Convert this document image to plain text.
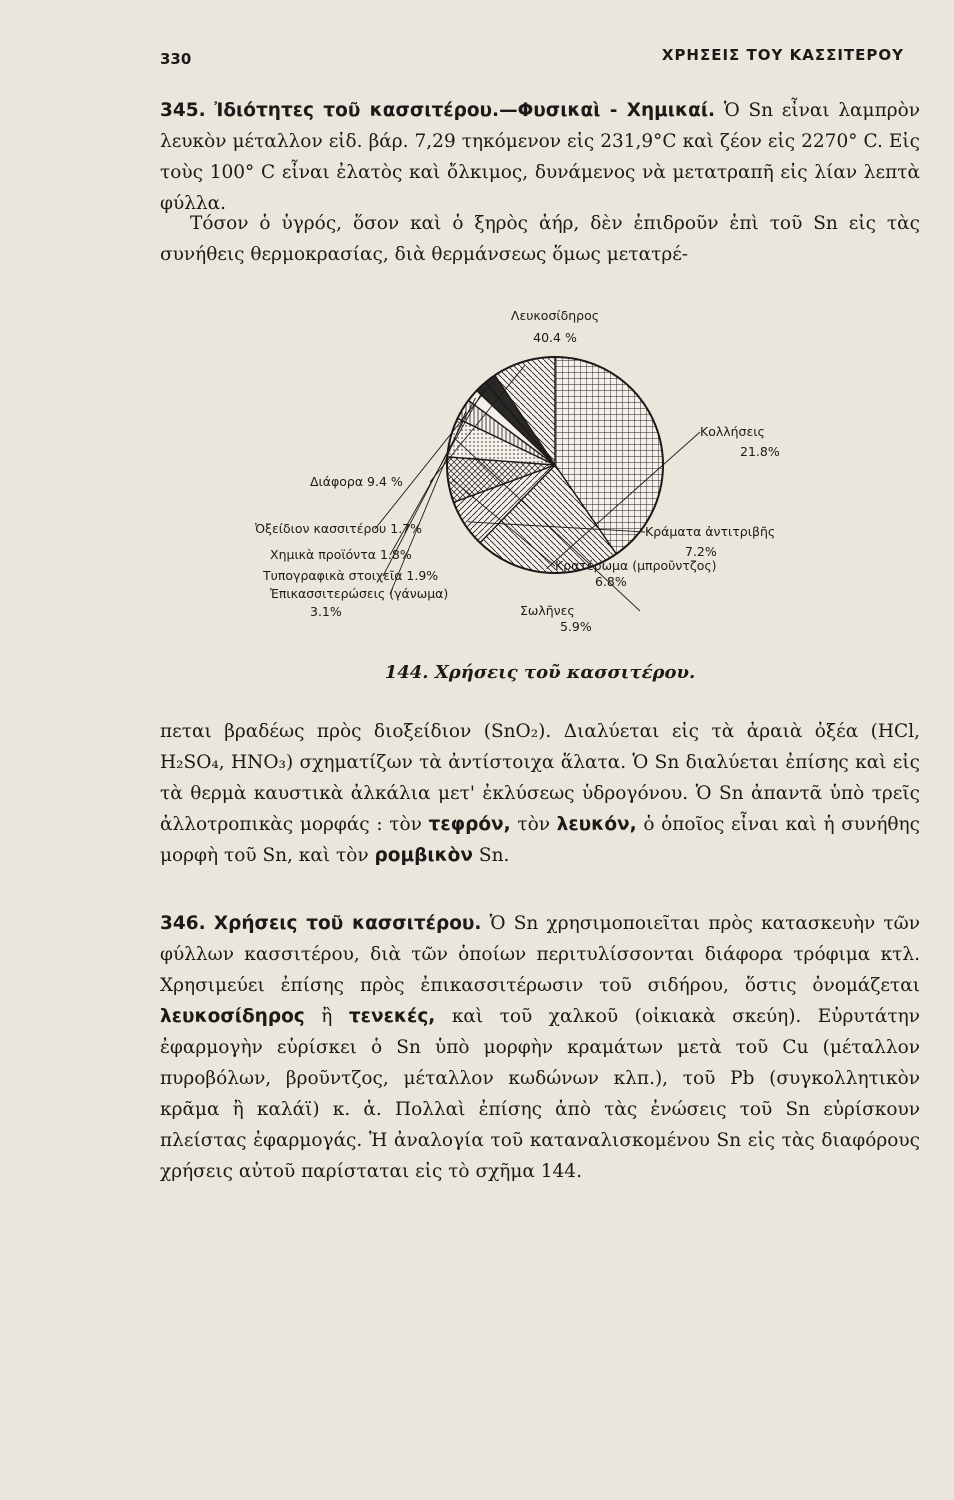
330	ΧΡΗΣΕΙΣ ΤΟΥ ΚΑΣΣΙΤΕΡΟΥ
345. Ἰδιότητες τοῦ κασσιτέρου.—Φυσικαὶ - Χημικαί. Ὁ Sn εἶναι λαμπρὸν λευκὸν μέταλλον εἰδ. βάρ. 7,29 τηκόμενον εἰς 231,9°C καὶ ζέον εἰς 2270° C. Εἰς τοὺς 100° C εἶναι ἐλατὸς καὶ ὄλκιμος, δυνάμενος νὰ μετατραπῆ εἰς λίαν λεπτὰ φύλλα.
Τόσον ὁ ὑγρός, ὅσον καὶ ὁ ξηρὸς ἀήρ, δὲν ἐπιδροῦν ἐπὶ τοῦ Sn εἰς τὰς συνήθεις θερμοκρασίας, διὰ θερμάνσεως ὅμως μετατρέ-
Λευκοσίδηρος
40.4 %
Κολλήσεις
21.8%
Κράματα ἀντιτριβῆς
7.2%
Κρατέρωμα (μπροῦντζος)
6.8%
Σωλῆνες
5.9%
Ἐπικασσιτερώσεις (γάνωμα)
3.1%
Τυπογραφικὰ στοιχεῖα 1.9%
Χημικὰ προϊόντα 1.8%
Ὀξείδιον κασσιτέρου 1.7%
Διάφορα 9.4 %
144. Χρήσεις τοῦ κασσιτέρου.
πεται βραδέως πρὸς διοξείδιον (SnO₂). Διαλύεται εἰς τὰ ἀραιὰ ὀξέα (HCl, H₂SO₄, HNO₃) σχηματίζων τὰ ἀντίστοιχα ἅλατα. Ὁ Sn διαλύεται ἐπίσης καὶ εἰς τὰ θερμὰ καυστικὰ ἀλκάλια μετ' ἐκλύσεως ὑδρογόνου. Ὁ Sn ἀπαντᾶ ὑπὸ τρεῖς ἀλλοτροπικὰς μορφάς : τὸν τεφρόν, τὸν λευκόν, ὁ ὁποῖος εἶναι καὶ ἡ συνήθης μορφὴ τοῦ Sn, καὶ τὸν ρομβικὸν Sn.
346. Χρήσεις τοῦ κασσιτέρου. Ὁ Sn χρησιμοποιεῖται πρὸς κατασκευὴν τῶν φύλλων κασσιτέρου, διὰ τῶν ὁποίων περιτυλίσσονται διάφορα τρόφιμα κτλ. Χρησιμεύει ἐπίσης πρὸς ἐπικασσιτέρωσιν τοῦ σιδήρου, ὅστις ὀνομάζεται λευκοσίδηρος ἢ τενεκές, καὶ τοῦ χαλκοῦ (οἰκιακὰ σκεύη). Εὐρυτάτην ἐφαρμογὴν εὑρίσκει ὁ Sn ὑπὸ μορφὴν κραμάτων μετὰ τοῦ Cu (μέταλλον πυροβόλων, βροῦντζος, μέταλλον κωδώνων κλπ.), τοῦ Pb (συγκολλητικὸν κρᾶμα ἢ καλάϊ) κ. ἁ. Πολλαὶ ἐπίσης ἀπὸ τὰς ἐνώσεις τοῦ Sn εὑρίσκουν πλείστας ἐφαρμογάς. Ἡ ἀναλογία τοῦ καταναλισκομένου Sn εἰς τὰς διαφόρους χρήσεις αὐτοῦ παρίσταται εἰς τὸ σχῆμα 144.
